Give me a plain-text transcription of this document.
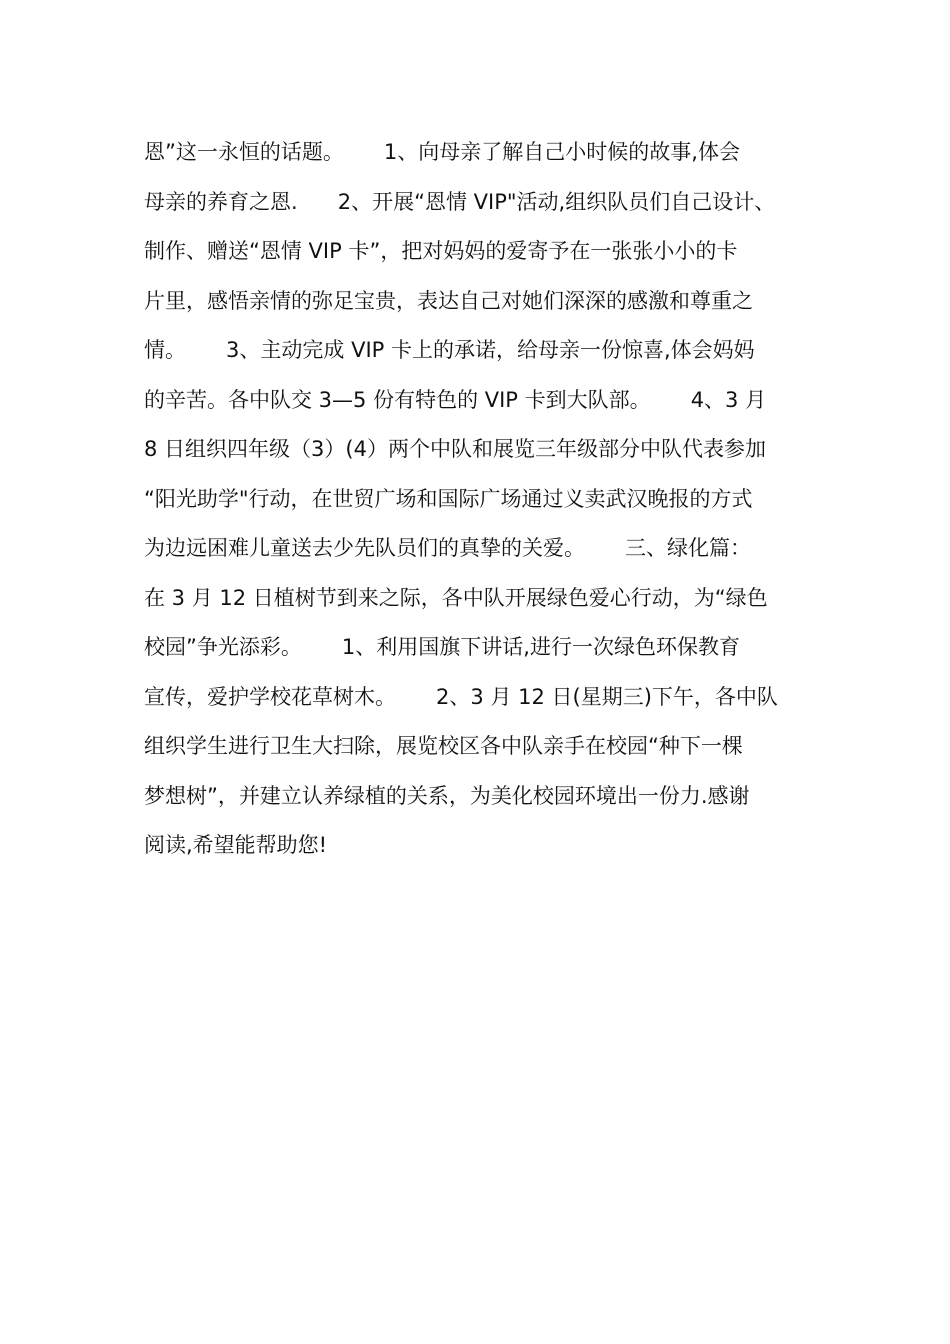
恩”这一永恒的话题。      1、向母亲了解自己小时候的故事,体会

母亲的养育之恩.      2、开展“恩情 VIP"活动,组织队员们自己设计、

制作、赠送“恩情 VIP 卡”，把对妈妈的爱寄予在一张张小小的卡

片里，感悟亲情的弥足宝贵，表达自己对她们深深的感激和尊重之

情。      3、主动完成 VIP 卡上的承诺，给母亲一份惊喜,体会妈妈

的辛苦。各中队交 3—5 份有特色的 VIP 卡到大队部。      4、3 月

8 日组织四年级（3）(4）两个中队和展览三年级部分中队代表参加

“阳光助学"行动，在世贸广场和国际广场通过义卖武汉晚报的方式

为边远困难儿童送去少先队员们的真挚的关爱。      三、绿化篇：

在 3 月 12 日植树节到来之际，各中队开展绿色爱心行动，为“绿色

校园”争光添彩。      1、利用国旗下讲话,进行一次绿色环保教育

宣传，爱护学校花草树木。      2、3 月 12 日(星期三)下午，各中队

组织学生进行卫生大扫除，展览校区各中队亲手在校园“种下一棵

梦想树”，并建立认养绿植的关系，为美化校园环境出一份力.感谢

阅读,希望能帮助您!
